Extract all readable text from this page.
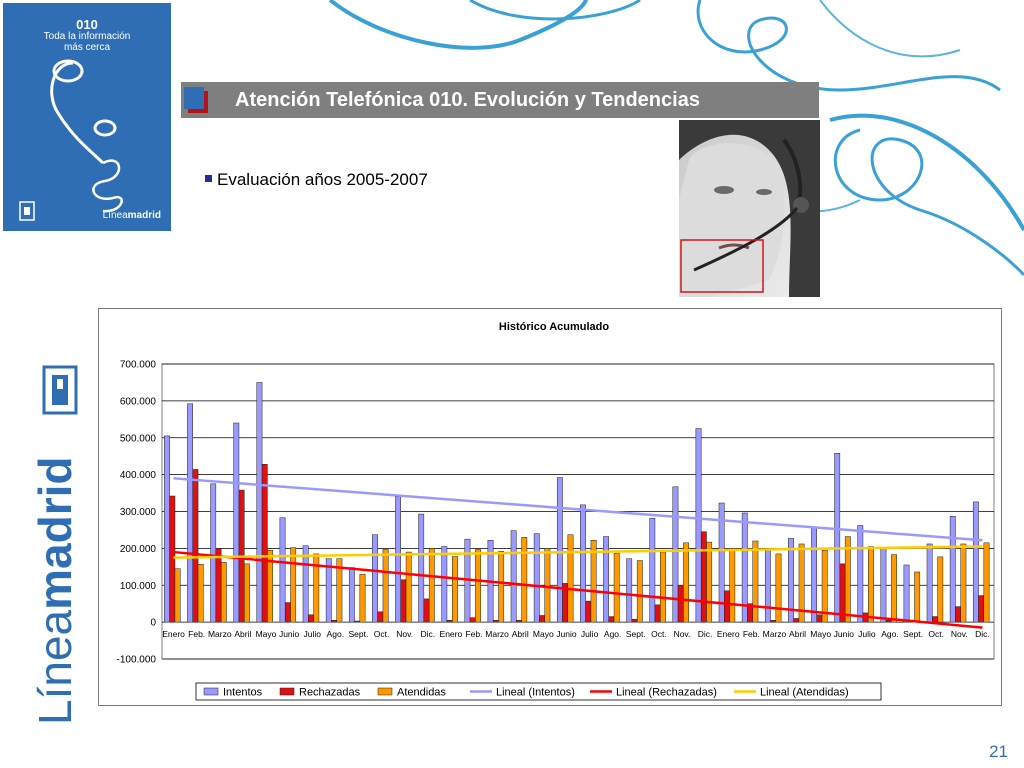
010
Toda la información
más cerca
Líneamadrid
Atención Telefónica 010. Evolución y Tendencias
Evaluación años 2005-2007
Líneamadrid
Histórico Acumulado
700.000
600.000
500.000
400.000
300.000
200.000
100.000
0
-100.000
Enero Feb. Marzo Abril Mayo Junio Julio Ago. Sept. Oct. Nov. Dic. Enero Feb. Marzo Abril Mayo Junio Julio Ago. Sept. Oct. Nov. Dic. Enero Feb. Marzo Abril Mayo Junio Julio Ago. Sept. Oct. Nov. Dic.
Intentos	Rechazadas	Atendidas	Lineal (Intentos)	Lineal (Rechazadas)	Lineal (Atendidas)
21
